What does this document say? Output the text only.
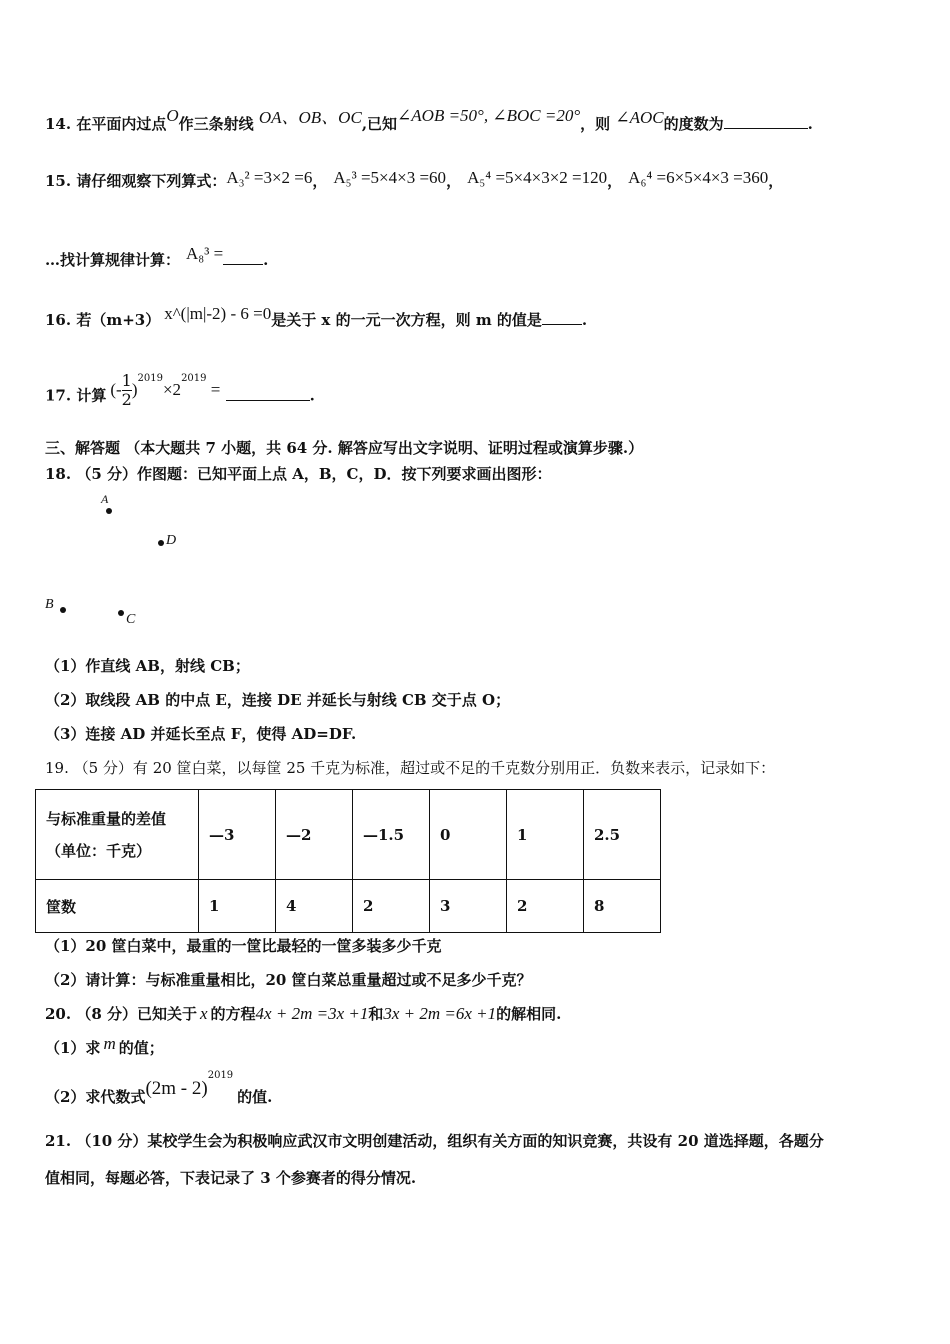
14. 在平面内过点O作三条射线 OA、OB、OC,已知∠AOB =50°, ∠BOC =20°，则 ∠AOC的度数为	.
15. 请仔细观察下列算式：A₃² =3×2 =6， A₅³ =5×4×3 =60， A₅⁴ =5×4×3×2 =120， A₆⁴ =6×5×4×3 =360，
…找计算规律计算： A₈³ =	.
16. 若（m+3） x^(|m|-2) - 6 =0是关于 x 的一元一次方程，则 m 的值是	.
17. 计算 (- $\frac{1}{2} )^{2019}\times 2^{2019}$ =	.
三、解答题 （本大题共 7 小题，共 64 分. 解答应写出文字说明、证明过程或演算步骤.）
18. （5 分）作图题：已知平面上点 A，B，C，D．按下列要求画出图形：
A
D
B
C
（1）作直线 AB，射线 CB；
（2）取线段 AB 的中点 E，连接 DE 并延长与射线 CB 交于点 O；
（3）连接 AD 并延长至点 F，使得 AD=DF.
19. （5 分）有 20 筐白菜，以每筐 25 千克为标准，超过或不足的千克数分别用正．负数来表示，记录如下：
与标准重量的差值
（单位：千克）	—3	—2	—1.5	0	1	2.5
筐数	1	4	2	3	2	8
（1）20 筐白菜中，最重的一筐比最轻的一筐多装多少千克
（2）请计算：与标准重量相比，20 筐白菜总重量超过或不足多少千克？
20. （8 分）已知关于 x 的方程4x + 2m =3x +1和3x + 2m =6x +1的解相同.
（1）求 m 的值；
（2）求代数式(2m - 2)$^{2019}$的值.
21. （10 分）某校学生会为积极响应武汉市文明创建活动，组织有关方面的知识竞赛，共设有 20 道选择题，各题分
值相同，每题必答，下表记录了 3 个参赛者的得分情况.
